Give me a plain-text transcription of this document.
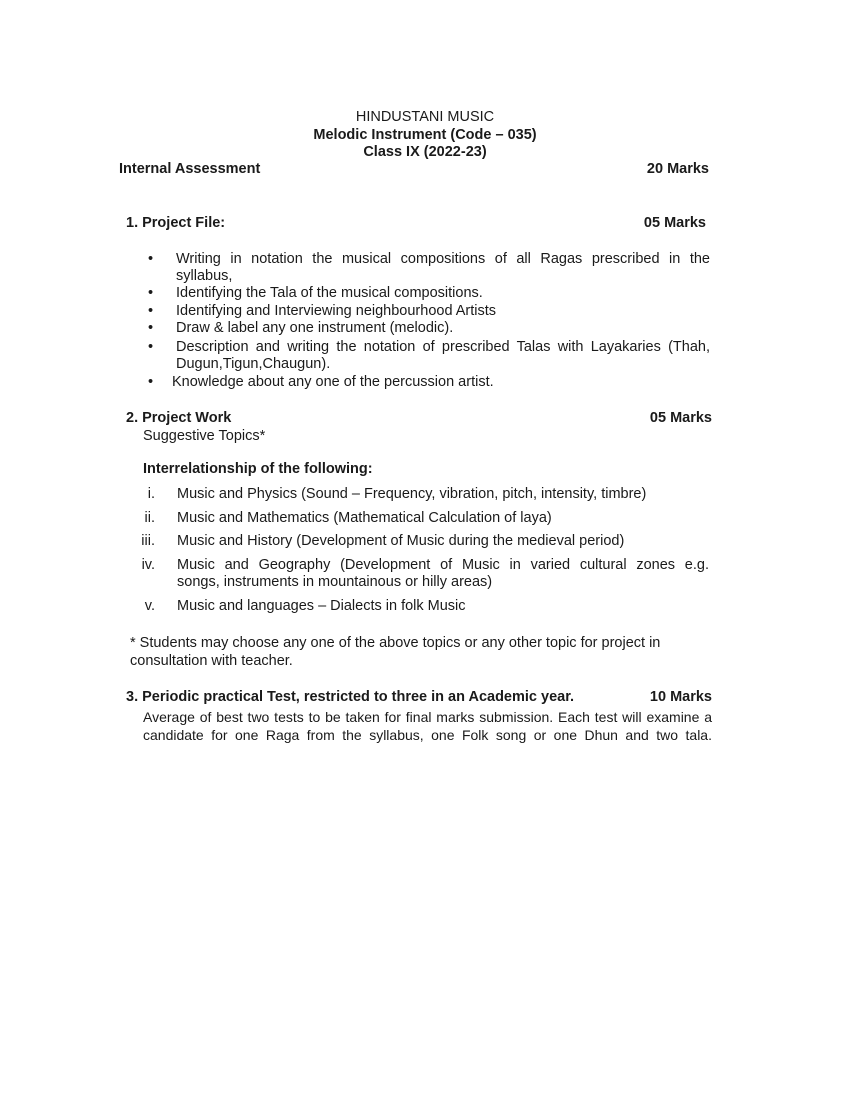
HINDUSTANI MUSIC
Melodic Instrument (Code – 035)
Class IX (2022-23)
Internal Assessment	20 Marks
1. Project File:	05 Marks
• Writing in notation the musical compositions of all Ragas prescribed in the
syllabus,
• Identifying the Tala of the musical compositions.
• Identifying and Interviewing neighbourhood Artists
• Draw & label any one instrument (melodic).
• Description and writing the notation of prescribed Talas with Layakaries (Thah,
Dugun,Tigun,Chaugun).
• Knowledge about any one of the percussion artist.
2. Project Work	05 Marks
Suggestive Topics*
Interrelationship of the following:
i. Music and Physics (Sound – Frequency, vibration, pitch, intensity, timbre)
ii. Music and Mathematics (Mathematical Calculation of laya)
iii. Music and History (Development of Music during the medieval period)
iv. Music and Geography (Development of Music in varied cultural zones e.g.
songs, instruments in mountainous or hilly areas)
v. Music and languages – Dialects in folk Music
* Students may choose any one of the above topics or any other topic for project in
consultation with teacher.
3. Periodic practical Test, restricted to three in an Academic year.	10 Marks
Average of best two tests to be taken for final marks submission. Each test will examine a
candidate for one Raga from the syllabus, one Folk song or one Dhun and two tala.
